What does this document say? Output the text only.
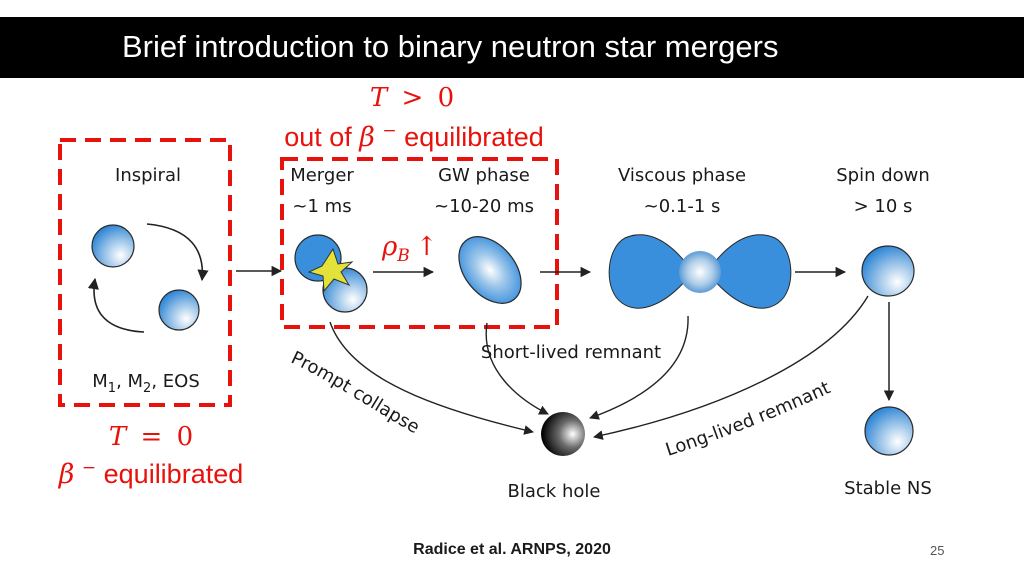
Brief introduction to binary neutron star mergers
T > 0
out of β − equilibrated
Inspiral	Merger
~1 ms
GW phase
~10-20 ms
Viscous phase
~0.1-1 s
Spin down
> 10 s
$M_1$, $M_2$, EOS
$\rho_B$ ↑
Stable NS
Black hole
Short-lived remnant
Prompt collapse
Long-lived remnant
T = 0
β − equilibrated
Radice et al. ARNPS, 2020	25
